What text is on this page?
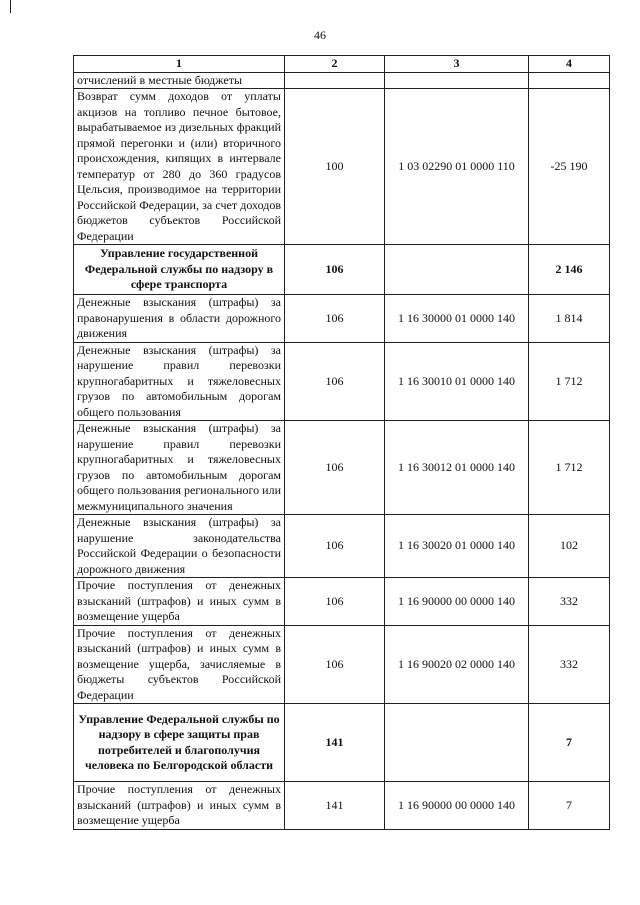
46
1	2	3	4
отчислений в местные бюджеты			
Возврат сумм доходов от уплаты акцизов на топливо печное бытовое, вырабатываемое из дизельных фракций прямой перегонки и (или) вторичного происхождения, кипящих в интервале температур от 280 до 360 градусов Цельсия, производимое на территории Российской Федерации, за счет доходов бюджетов субъектов Российской Федерации	100	1 03 02290 01 0000 110	-25 190
Управление государственной Федеральной службы по надзору в сфере транспорта	106		2 146
Денежные взыскания (штрафы) за правонарушения в области дорожного движения	106	1 16 30000 01 0000 140	1 814
Денежные взыскания (штрафы) за нарушение правил перевозки крупногабаритных и тяжеловесных грузов по автомобильным дорогам общего пользования	106	1 16 30010 01 0000 140	1 712
Денежные взыскания (штрафы) за нарушение правил перевозки крупногабаритных и тяжеловесных грузов по автомобильным дорогам общего пользования регионального или межмуниципального значения	106	1 16 30012 01 0000 140	1 712
Денежные взыскания (штрафы) за нарушение законодательства Российской Федерации о безопасности дорожного движения	106	1 16 30020 01 0000 140	102
Прочие поступления от денежных взысканий (штрафов) и иных сумм в возмещение ущерба	106	1 16 90000 00 0000 140	332
Прочие поступления от денежных взысканий (штрафов) и иных сумм в возмещение ущерба, зачисляемые в бюджеты субъектов Российской Федерации	106	1 16 90020 02 0000 140	332
Управление Федеральной службы по надзору в сфере защиты прав потребителей и благополучия человека по Белгородской области	141		7
Прочие поступления от денежных взысканий (штрафов) и иных сумм в возмещение ущерба	141	1 16 90000 00 0000 140	7
